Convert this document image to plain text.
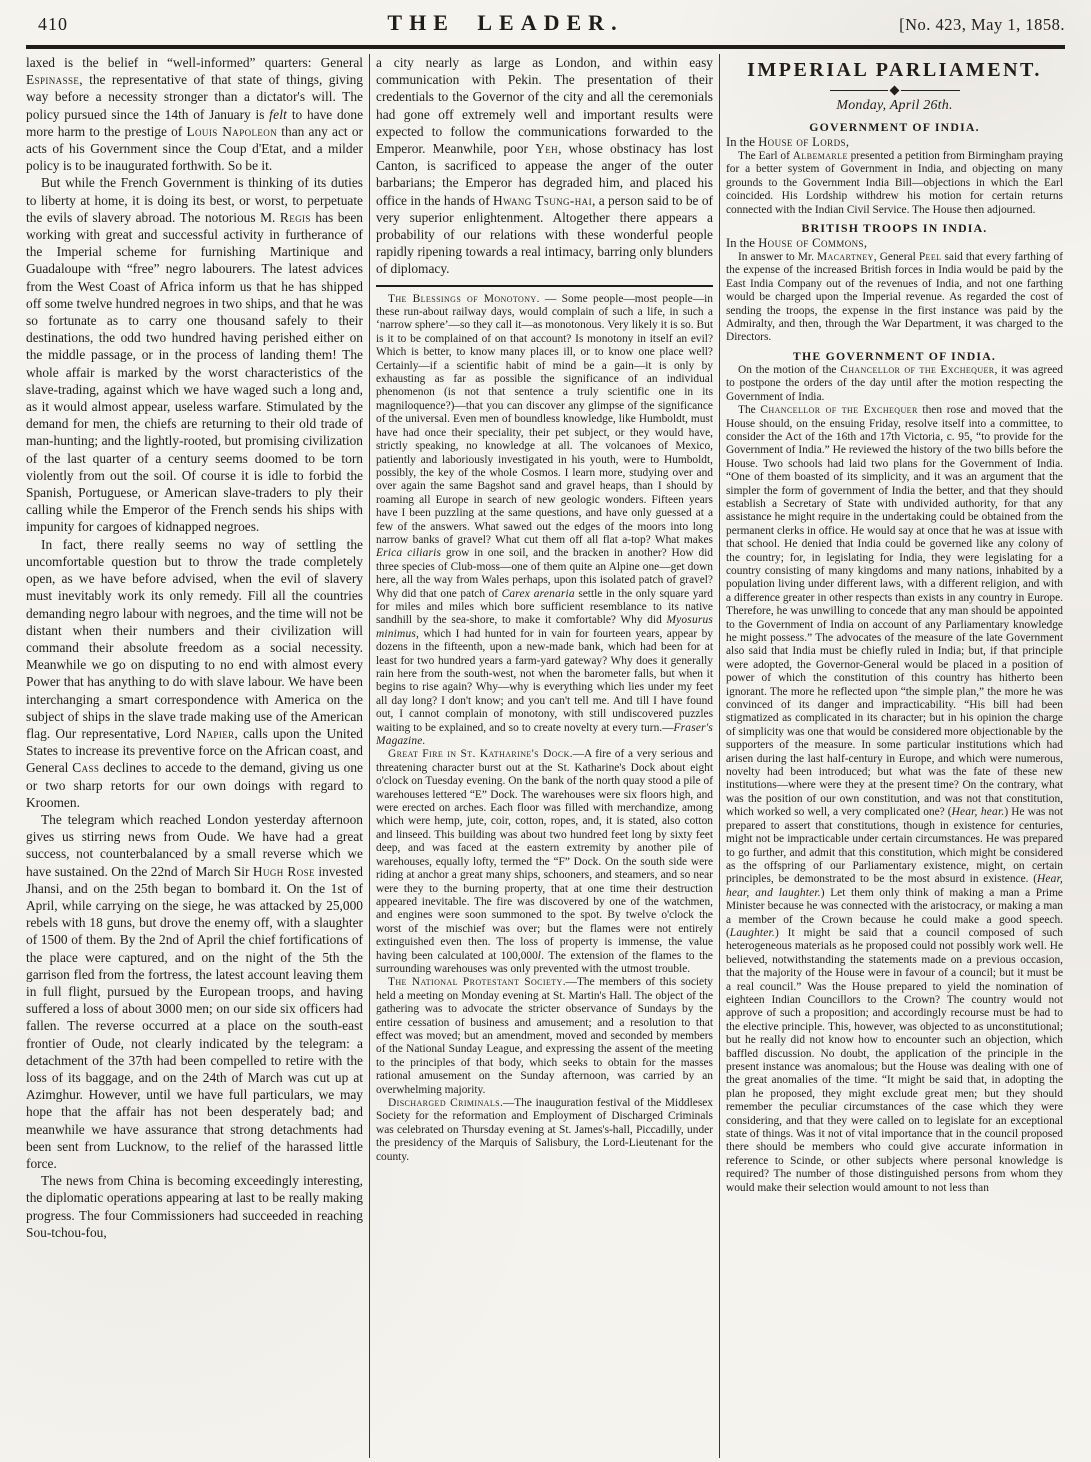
410	THE LEADER.	[No. 423, May 1, 1858.

laxed is the belief in “well-informed” quarters: General Espinasse, the representative of that state of things, giving way before a necessity stronger than a dictator's will. The policy pursued since the 14th of January is felt to have done more harm to the prestige of Louis Napoleon than any act or acts of his Government since the Coup d'Etat, and a milder policy is to be inaugurated forthwith. So be it.

But while the French Government is thinking of its duties to liberty at home, it is doing its best, or worst, to perpetuate the evils of slavery abroad. The notorious M. Regis has been working with great and successful activity in furtherance of the Imperial scheme for furnishing Martinique and Guadaloupe with “free” negro labourers. The latest advices from the West Coast of Africa inform us that he has shipped off some twelve hundred negroes in two ships, and that he was so fortunate as to carry one thousand safely to their destinations, the odd two hundred having perished either on the middle passage, or in the process of landing them! The whole affair is marked by the worst characteristics of the slave-trading, against which we have waged such a long and, as it would almost appear, useless warfare. Stimulated by the demand for men, the chiefs are returning to their old trade of man-hunting; and the lightly-rooted, but promising civilization of the last quarter of a century seems doomed to be torn violently from out the soil. Of course it is idle to forbid the Spanish, Portuguese, or American slave-traders to ply their calling while the Emperor of the French sends his ships with impunity for cargoes of kidnapped negroes.

In fact, there really seems no way of settling the uncomfortable question but to throw the trade completely open, as we have before advised, when the evil of slavery must inevitably work its only remedy. Fill all the countries demanding negro labour with negroes, and the time will not be distant when their numbers and their civilization will command their absolute freedom as a social necessity. Meanwhile we go on disputing to no end with almost every Power that has anything to do with slave labour. We have been interchanging a smart correspondence with America on the subject of ships in the slave trade making use of the American flag. Our representative, Lord Napier, calls upon the United States to increase its preventive force on the African coast, and General Cass declines to accede to the demand, giving us one or two sharp retorts for our own doings with regard to Kroomen.

The telegram which reached London yesterday afternoon gives us stirring news from Oude. We have had a great success, not counterbalanced by a small reverse which we have sustained. On the 22nd of March Sir Hugh Rose invested Jhansi, and on the 25th began to bombard it. On the 1st of April, while carrying on the siege, he was attacked by 25,000 rebels with 18 guns, but drove the enemy off, with a slaughter of 1500 of them. By the 2nd of April the chief fortifications of the place were captured, and on the night of the 5th the garrison fled from the fortress, the latest account leaving them in full flight, pursued by the European troops, and having suffered a loss of about 3000 men; on our side six officers had fallen. The reverse occurred at a place on the south-east frontier of Oude, not clearly indicated by the telegram: a detachment of the 37th had been compelled to retire with the loss of its baggage, and on the 24th of March was cut up at Azimghur. However, until we have full particulars, we may hope that the affair has not been desperately bad; and meanwhile we have assurance that strong detachments had been sent from Lucknow, to the relief of the harassed little force.

The news from China is becoming exceedingly interesting, the diplomatic operations appearing at last to be really making progress. The four Commissioners had succeeded in reaching Sou-tchou-fou,

a city nearly as large as London, and within easy communication with Pekin. The presentation of their credentials to the Governor of the city and all the ceremonials had gone off extremely well and important results were expected to follow the communications forwarded to the Emperor. Meanwhile, poor Yeh, whose obstinacy has lost Canton, is sacrificed to appease the anger of the outer barbarians; the Emperor has degraded him, and placed his office in the hands of Hwang Tsung-hai, a person said to be of very superior enlightenment. Altogether there appears a probability of our relations with these wonderful people rapidly ripening towards a real intimacy, barring only blunders of diplomacy.

The Blessings of Monotony. — Some people—most people—in these run-about railway days, would complain of such a life, in such a ‘narrow sphere’—so they call it—as monotonous. Very likely it is so. But is it to be complained of on that account? Is monotony in itself an evil? Which is better, to know many places ill, or to know one place well? Certainly—if a scientific habit of mind be a gain—it is only by exhausting as far as possible the significance of an individual phenomenon (is not that sentence a truly scientific one in its magniloquence?)—that you can discover any glimpse of the significance of the universal. Even men of boundless knowledge, like Humboldt, must have had once their speciality, their pet subject, or they would have, strictly speaking, no knowledge at all. The volcanoes of Mexico, patiently and laboriously investigated in his youth, were to Humboldt, possibly, the key of the whole Cosmos. I learn more, studying over and over again the same Bagshot sand and gravel heaps, than I should by roaming all Europe in search of new geologic wonders. Fifteen years have I been puzzling at the same questions, and have only guessed at a few of the answers. What sawed out the edges of the moors into long narrow banks of gravel? What cut them off all flat a-top? What makes Erica ciliaris grow in one soil, and the bracken in another? How did three species of Club-moss—one of them quite an Alpine one—get down here, all the way from Wales perhaps, upon this isolated patch of gravel? Why did that one patch of Carex arenaria settle in the only square yard for miles and miles which bore sufficient resemblance to its native sandhill by the sea-shore, to make it comfortable? Why did Myosurus minimus, which I had hunted for in vain for fourteen years, appear by dozens in the fifteenth, upon a new-made bank, which had been for at least for two hundred years a farm-yard gateway? Why does it generally rain here from the south-west, not when the barometer falls, but when it begins to rise again? Why—why is everything which lies under my feet all day long? I don't know; and you can't tell me. And till I have found out, I cannot complain of monotony, with still undiscovered puzzles waiting to be explained, and so to create novelty at every turn.—Fraser's Magazine.

Great Fire in St. Katharine's Dock.—A fire of a very serious and threatening character burst out at the St. Katharine's Dock about eight o'clock on Tuesday evening. On the bank of the north quay stood a pile of warehouses lettered “E” Dock. The warehouses were six floors high, and were erected on arches. Each floor was filled with merchandize, among which were hemp, jute, coir, cotton, ropes, and, it is stated, also cotton and linseed. This building was about two hundred feet long by sixty feet deep, and was faced at the eastern extremity by another pile of warehouses, equally lofty, termed the “F” Dock. On the south side were riding at anchor a great many ships, schooners, and steamers, and so near were they to the burning property, that at one time their destruction appeared inevitable. The fire was discovered by one of the watchmen, and engines were soon summoned to the spot. By twelve o'clock the worst of the mischief was over; but the flames were not entirely extinguished even then. The loss of property is immense, the value having been calculated at 100,000l. The extension of the flames to the surrounding warehouses was only prevented with the utmost trouble.

The National Protestant Society.—The members of this society held a meeting on Monday evening at St. Martin's Hall. The object of the gathering was to advocate the stricter observance of Sundays by the entire cessation of business and amusement; and a resolution to that effect was moved; but an amendment, moved and seconded by members of the National Sunday League, and expressing the assent of the meeting to the principles of that body, which seeks to obtain for the masses rational amusement on the Sunday afternoon, was carried by an overwhelming majority.

Discharged Criminals.—The inauguration festival of the Middlesex Society for the reformation and Employment of Discharged Criminals was celebrated on Thursday evening at St. James's-hall, Piccadilly, under the presidency of the Marquis of Salisbury, the Lord-Lieutenant for the county.

IMPERIAL PARLIAMENT.

Monday, April 26th.

GOVERNMENT OF INDIA.

In the House of Lords,

The Earl of Albemarle presented a petition from Birmingham praying for a better system of Government in India, and objecting on many grounds to the Government India Bill—objections in which the Earl coincided. His Lordship withdrew his motion for certain returns connected with the Indian Civil Service. The House then adjourned.

BRITISH TROOPS IN INDIA.

In the House of Commons,

In answer to Mr. Macartney, General Peel said that every farthing of the expense of the increased British forces in India would be paid by the East India Company out of the revenues of India, and not one farthing would be charged upon the Imperial revenue. As regarded the cost of sending the troops, the expense in the first instance was paid by the Admiralty, and then, through the War Department, it was charged to the Directors.

THE GOVERNMENT OF INDIA.

On the motion of the Chancellor of the Exchequer, it was agreed to postpone the orders of the day until after the motion respecting the Government of India.

The Chancellor of the Exchequer then rose and moved that the House should, on the ensuing Friday, resolve itself into a committee, to consider the Act of the 16th and 17th Victoria, c. 95, “to provide for the Government of India.” He reviewed the history of the two bills before the House. Two schools had laid two plans for the Government of India. “One of them boasted of its simplicity, and it was an argument that the simpler the form of government of India the better, and that they should establish a Secretary of State with undivided authority, for that any assistance he might require in the undertaking could be obtained from the permanent clerks in office. He would say at once that he was at issue with that school. He denied that India could be governed like any colony of the country; for, in legislating for India, they were legislating for a country consisting of many kingdoms and many nations, inhabited by a population living under different laws, with a different religion, and with a difference greater in other respects than exists in any country in Europe. Therefore, he was unwilling to concede that any man should be appointed to the Government of India on account of any Parliamentary knowledge he might possess.” The advocates of the measure of the late Government also said that India must be chiefly ruled in India; but, if that principle were adopted, the Governor-General would be placed in a position of power of which the constitution of this country has hitherto been ignorant. The more he reflected upon “the simple plan,” the more he was convinced of its danger and impracticability. “His bill had been stigmatized as complicated in its character; but in his opinion the charge of simplicity was one that would be considered more objectionable by the supporters of the measure. In some particular institutions which had arisen during the last half-century in Europe, and which were numerous, novelty had been introduced; but what was the fate of these new institutions—where were they at the present time? On the contrary, what was the position of our own constitution, and was not that constitution, which worked so well, a very complicated one? (Hear, hear.) He was not prepared to assert that constitutions, though in existence for centuries, might not be impracticable under certain circumstances. He was prepared to go further, and admit that this constitution, which might be considered as the offspring of our Parliamentary existence, might, on certain principles, be demonstrated to be the most absurd in existence. (Hear, hear, and laughter.) Let them only think of making a man a Prime Minister because he was connected with the aristocracy, or making a man a member of the Crown because he could make a good speech. (Laughter.) It might be said that a council composed of such heterogeneous materials as he proposed could not possibly work well. He believed, notwithstanding the statements made on a previous occasion, that the majority of the House were in favour of a council; but it must be a real council.” Was the House prepared to yield the nomination of eighteen Indian Councillors to the Crown? The country would not approve of such a proposition; and accordingly recourse must be had to the elective principle. This, however, was objected to as unconstitutional; but he really did not know how to encounter such an objection, which baffled discussion. No doubt, the application of the principle in the present instance was anomalous; but the House was dealing with one of the great anomalies of the time. “It might be said that, in adopting the plan he proposed, they might exclude great men; but they should remember the peculiar circumstances of the case which they were considering, and that they were called on to legislate for an exceptional state of things. Was it not of vital importance that in the council proposed there should be members who could give accurate information in reference to Scinde, or other subjects where personal knowledge is required? The number of those distinguished persons from whom they would make their selection would amount to not less than
